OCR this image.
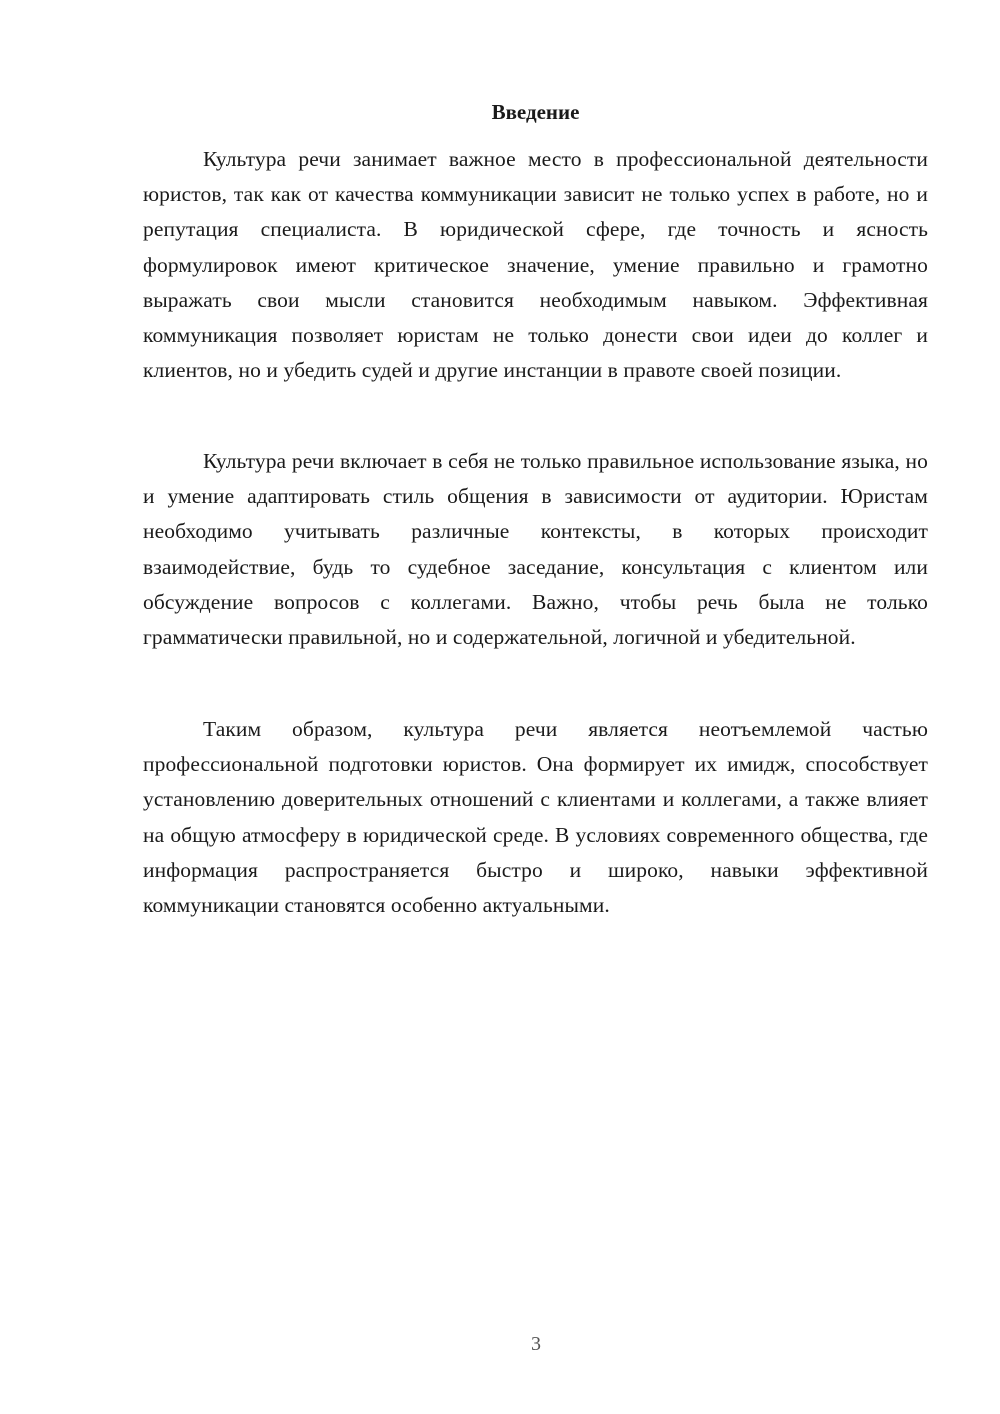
Введение

Культура речи занимает важное место в профессиональной деятельности юристов, так как от качества коммуникации зависит не только успех в работе, но и репутация специалиста. В юридической сфере, где точность и ясность формулировок имеют критическое значение, умение правильно и грамотно выражать свои мысли становится необходимым навыком. Эффективная коммуникация позволяет юристам не только донести свои идеи до коллег и клиентов, но и убедить судей и другие инстанции в правоте своей позиции.

Культура речи включает в себя не только правильное использование языка, но и умение адаптировать стиль общения в зависимости от аудитории. Юристам необходимо учитывать различные контексты, в которых происходит взаимодействие, будь то судебное заседание, консультация с клиентом или обсуждение вопросов с коллегами. Важно, чтобы речь была не только грамматически правильной, но и содержательной, логичной и убедительной.

Таким образом, культура речи является неотъемлемой частью профессиональной подготовки юристов. Она формирует их имидж, способствует установлению доверительных отношений с клиентами и коллегами, а также влияет на общую атмосферу в юридической среде. В условиях современного общества, где информация распространяется быстро и широко, навыки эффективной коммуникации становятся особенно актуальными.

3
